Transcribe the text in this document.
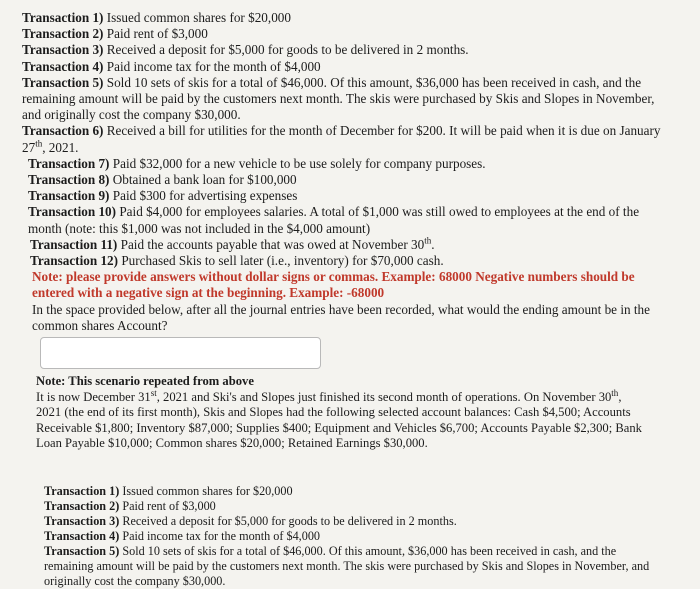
Transaction 1) Issued common shares for $20,000

Transaction 2) Paid rent of $3,000

Transaction 3) Received a deposit for $5,000 for goods to be delivered in 2 months.

Transaction 4) Paid income tax for the month of $4,000

Transaction 5) Sold 10 sets of skis for a total of $46,000. Of this amount, $36,000 has been received in cash, and the remaining amount will be paid by the customers next month. The skis were purchased by Skis and Slopes in November, and originally cost the company $30,000.

Transaction 6) Received a bill for utilities for the month of December for $200. It will be paid when it is due on January 27th, 2021.

Transaction 7) Paid $32,000 for a new vehicle to be use solely for company purposes.

Transaction 8) Obtained a bank loan for $100,000

Transaction 9) Paid $300 for advertising expenses

Transaction 10) Paid $4,000 for employees salaries. A total of $1,000 was still owed to employees at the end of the month (note: this $1,000 was not included in the $4,000 amount)

Transaction 11) Paid the accounts payable that was owed at November 30th.

Transaction 12) Purchased Skis to sell later (i.e., inventory) for $70,000 cash.

Note: please provide answers without dollar signs or commas. Example: 68000 Negative numbers should be entered with a negative sign at the beginning. Example: -68000

In the space provided below, after all the journal entries have been recorded, what would the ending amount be in the common shares Account?

Note: This scenario repeated from above

It is now December 31st, 2021 and Ski's and Slopes just finished its second month of operations. On November 30th, 2021 (the end of its first month), Skis and Slopes had the following selected account balances: Cash $4,500; Accounts Receivable $1,800; Inventory $87,000; Supplies $400; Equipment and Vehicles $6,700; Accounts Payable $2,300; Bank Loan Payable $10,000; Common shares $20,000; Retained Earnings $30,000.

Transaction 1) Issued common shares for $20,000

Transaction 2) Paid rent of $3,000

Transaction 3) Received a deposit for $5,000 for goods to be delivered in 2 months.

Transaction 4) Paid income tax for the month of $4,000

Transaction 5) Sold 10 sets of skis for a total of $46,000. Of this amount, $36,000 has been received in cash, and the remaining amount will be paid by the customers next month. The skis were purchased by Skis and Slopes in November, and originally cost the company $30,000.
